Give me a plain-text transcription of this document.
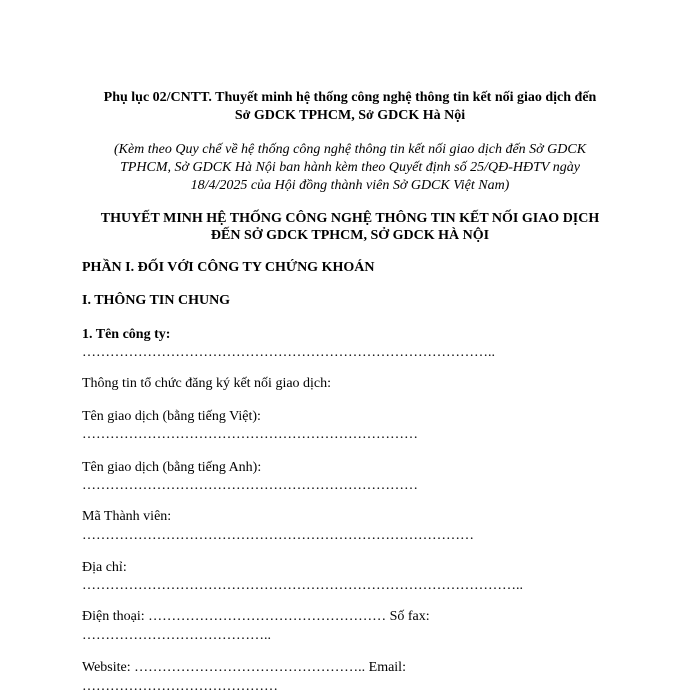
Phụ lục 02/CNTT. Thuyết minh hệ thống công nghệ thông tin kết nối giao dịch đến
Sở GDCK TPHCM, Sở GDCK Hà Nội
(Kèm theo Quy chế về hệ thống công nghệ thông tin kết nối giao dịch đến Sở GDCK
TPHCM, Sở GDCK Hà Nội ban hành kèm theo Quyết định số 25/QĐ-HĐTV ngày
18/4/2025 của Hội đồng thành viên Sở GDCK Việt Nam)
THUYẾT MINH HỆ THỐNG CÔNG NGHỆ THÔNG TIN KẾT NỐI GIAO DỊCH
ĐẾN SỞ GDCK TPHCM, SỞ GDCK HÀ NỘI
PHẦN I. ĐỐI VỚI CÔNG TY CHỨNG KHOÁN
I. THÔNG TIN CHUNG
1. Tên công ty:
……………………………………………………………………………..
Thông tin tổ chức đăng ký kết nối giao dịch:
Tên giao dịch (bằng tiếng Việt):
………………………………………………………………
Tên giao dịch (bằng tiếng Anh):
………………………………………………………………
Mã Thành viên:
…………………………………………………………………………
Địa chỉ:
…………………………………………………………………………………..
Điện thoại: …………………………………………… Số fax:
…………………………………..
Website: ………………………………………….. Email:
……………………………………
